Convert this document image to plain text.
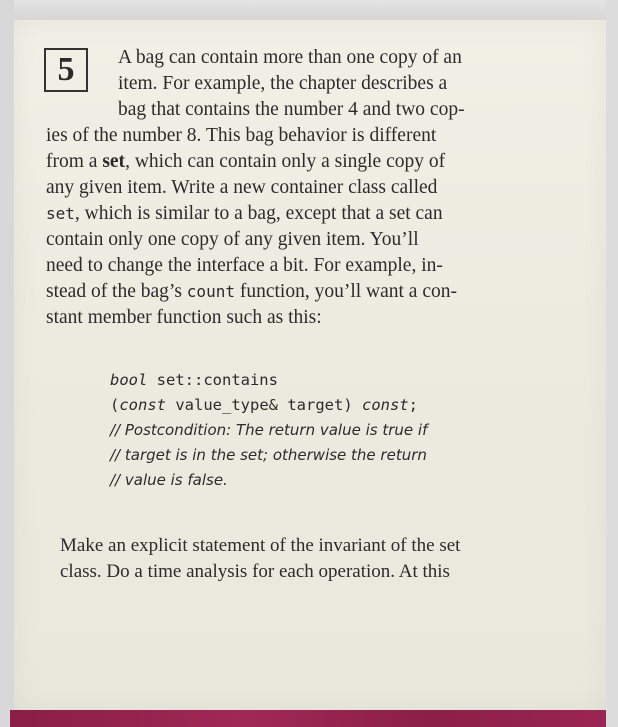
5	A bag can contain more than one copy of an
item. For example, the chapter describes a
bag that contains the number 4 and two cop-
ies of the number 8. This bag behavior is different
from a set, which can contain only a single copy of
any given item. Write a new container class called
set, which is similar to a bag, except that a set can
contain only one copy of any given item. You’ll
need to change the interface a bit. For example, in-
stead of the bag’s count function, you’ll want a con-
stant member function such as this:
bool set::contains
(const value_type& target) const;
// Postcondition: The return value is true if
// target is in the set; otherwise the return
// value is false.
Make an explicit statement of the invariant of the set
class. Do a time analysis for each operation. At this
